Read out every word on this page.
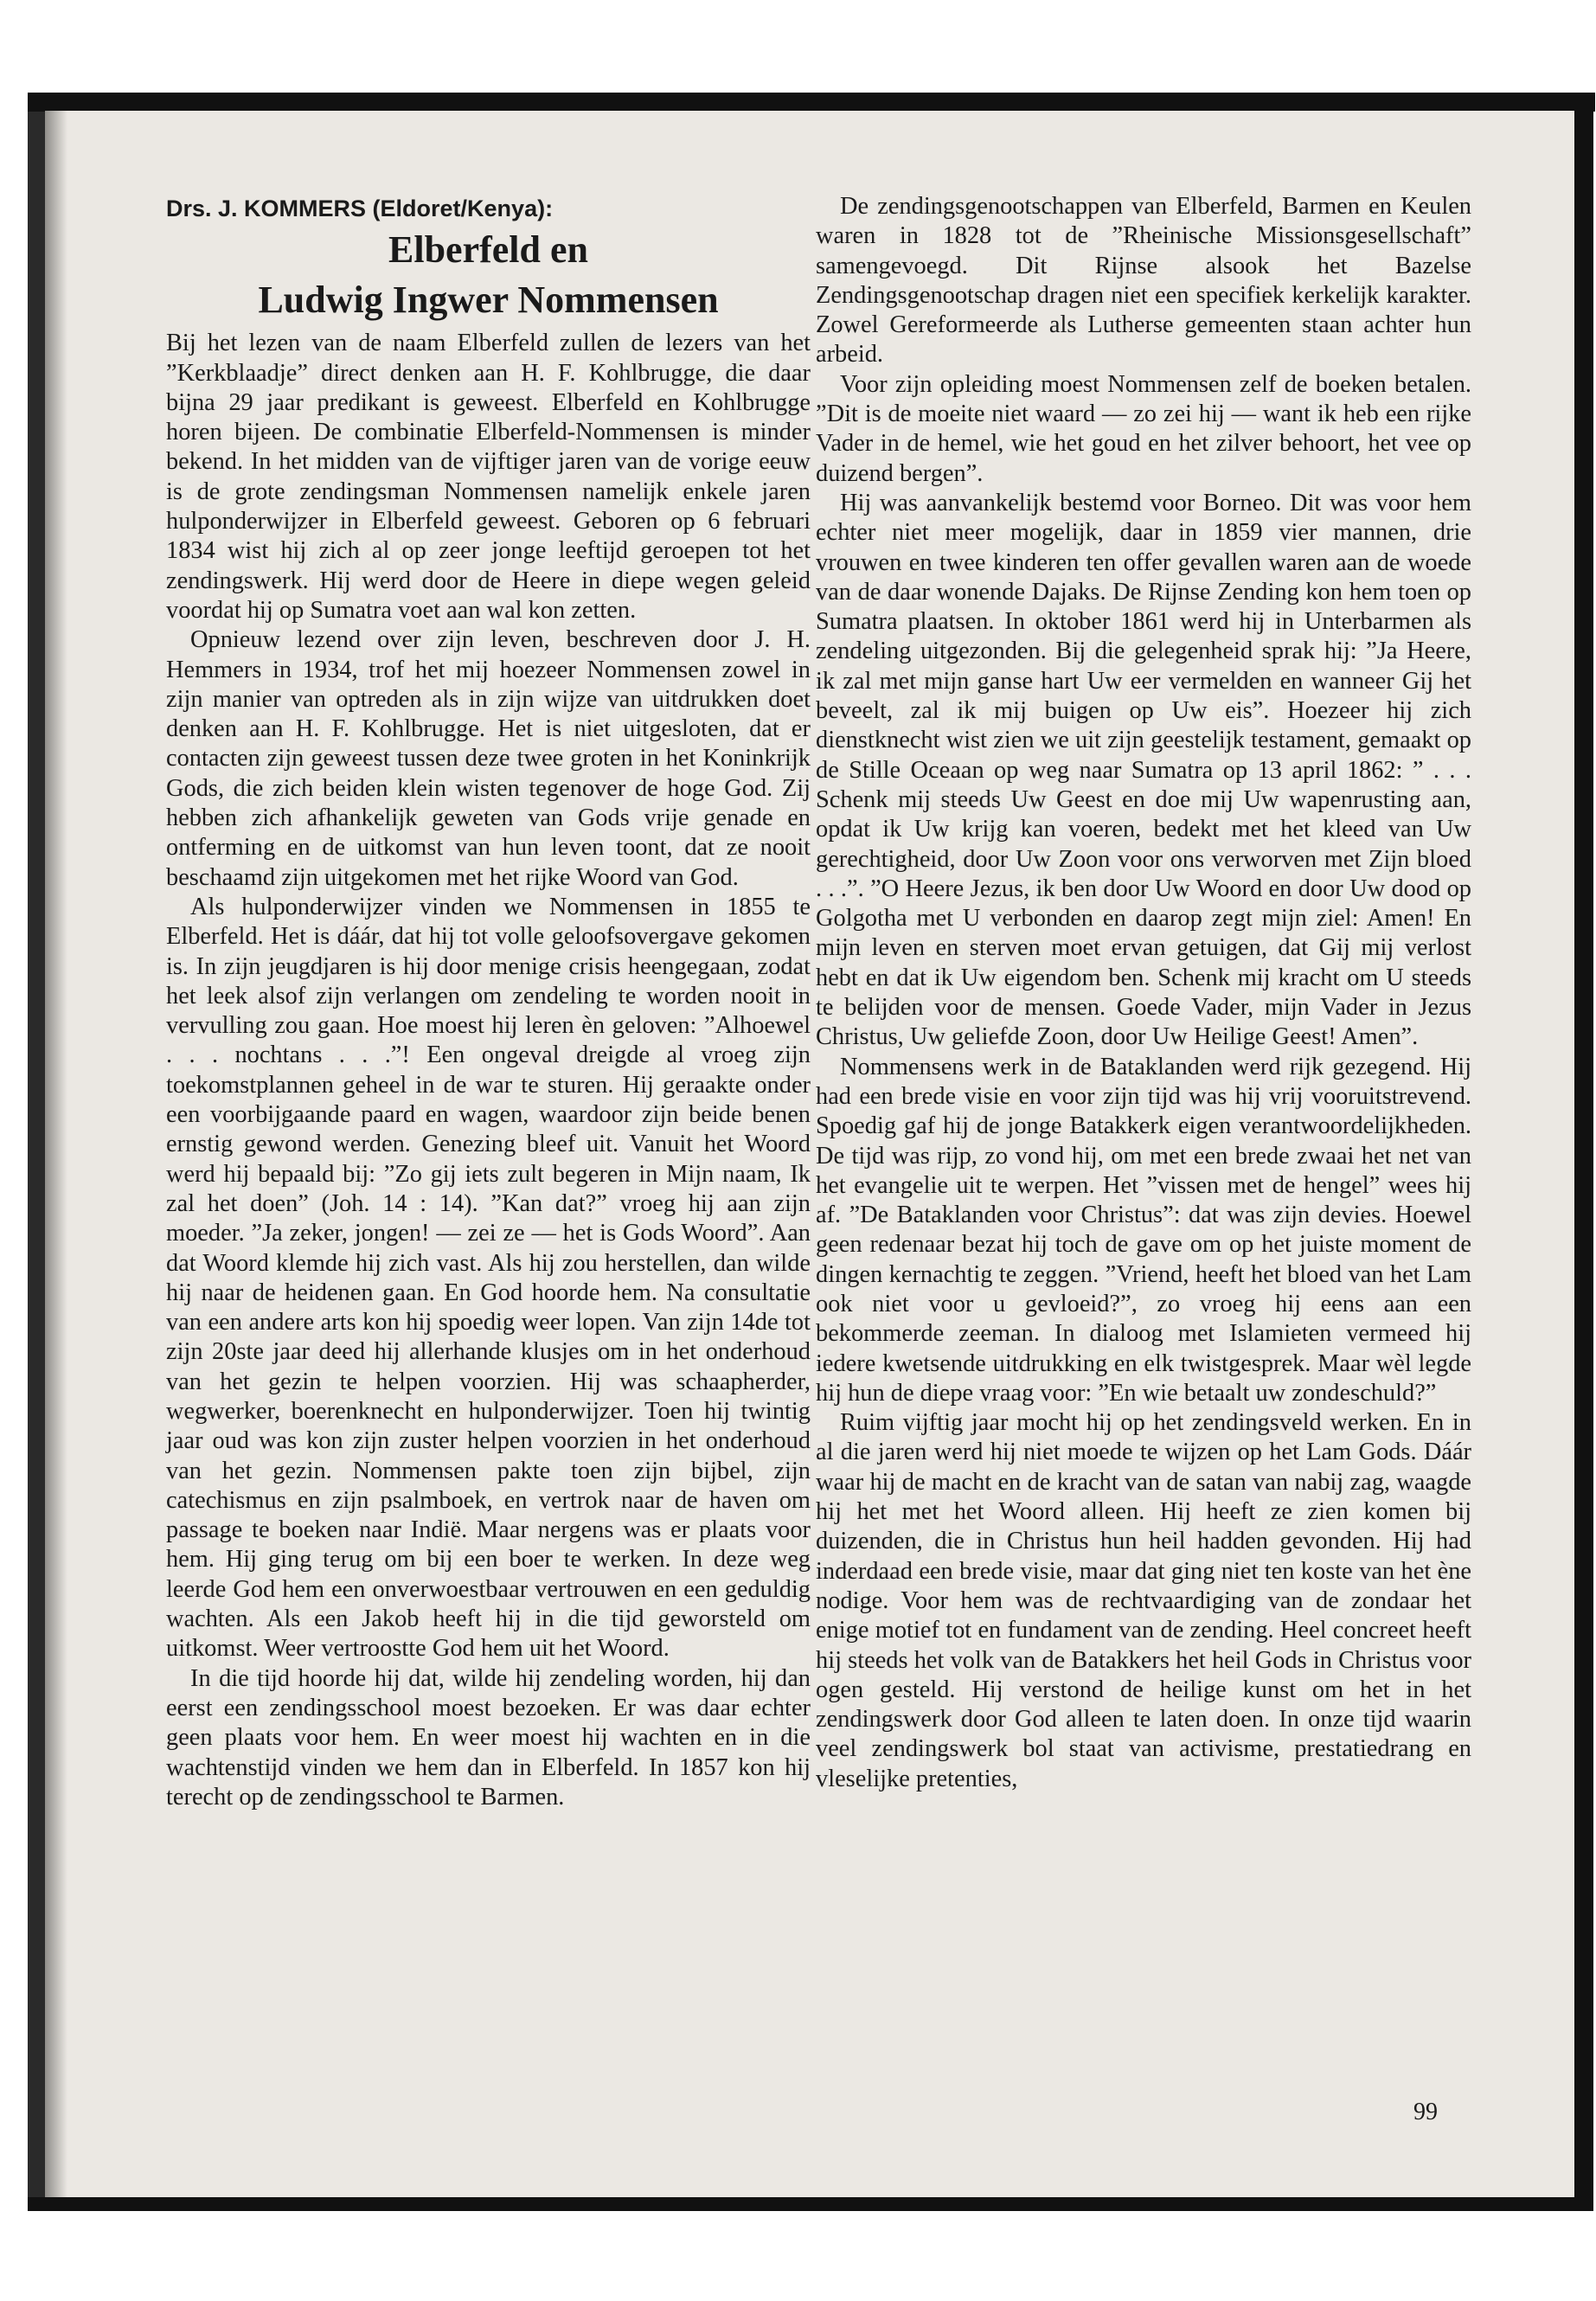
Drs. J. KOMMERS (Eldoret/Kenya):
Elberfeld en
Ludwig Ingwer Nommensen

Bij het lezen van de naam Elberfeld zullen de lezers van het ”Kerkblaadje” direct denken aan H. F. Kohlbrugge, die daar bijna 29 jaar predikant is geweest. Elberfeld en Kohlbrugge horen bijeen. De combinatie Elberfeld-Nommensen is minder bekend. In het midden van de vijftiger jaren van de vorige eeuw is de grote zendingsman Nommensen namelijk enkele jaren hulponderwijzer in Elberfeld geweest. Geboren op 6 februari 1834 wist hij zich al op zeer jonge leeftijd geroepen tot het zendingswerk. Hij werd door de Heere in diepe wegen geleid voordat hij op Sumatra voet aan wal kon zetten.

Opnieuw lezend over zijn leven, beschreven door J. H. Hemmers in 1934, trof het mij hoezeer Nommensen zowel in zijn manier van optreden als in zijn wijze van uitdrukken doet denken aan H. F. Kohlbrugge. Het is niet uitgesloten, dat er contacten zijn geweest tussen deze twee groten in het Koninkrijk Gods, die zich beiden klein wisten tegenover de hoge God. Zij hebben zich afhankelijk geweten van Gods vrije genade en ontferming en de uitkomst van hun leven toont, dat ze nooit beschaamd zijn uitgekomen met het rijke Woord van God.

Als hulponderwijzer vinden we Nommensen in 1855 te Elberfeld. Het is dáár, dat hij tot volle geloofsovergave gekomen is. In zijn jeugdjaren is hij door menige crisis heengegaan, zodat het leek alsof zijn verlangen om zendeling te worden nooit in vervulling zou gaan. Hoe moest hij leren èn geloven: ”Alhoewel . . . nochtans . . .”! Een ongeval dreigde al vroeg zijn toekomstplannen geheel in de war te sturen. Hij geraakte onder een voorbijgaande paard en wagen, waardoor zijn beide benen ernstig gewond werden. Genezing bleef uit. Vanuit het Woord werd hij bepaald bij: ”Zo gij iets zult begeren in Mijn naam, Ik zal het doen” (Joh. 14 : 14). ”Kan dat?” vroeg hij aan zijn moeder. ”Ja zeker, jongen! — zei ze — het is Gods Woord”. Aan dat Woord klemde hij zich vast. Als hij zou herstellen, dan wilde hij naar de heidenen gaan. En God hoorde hem. Na consultatie van een andere arts kon hij spoedig weer lopen. Van zijn 14de tot zijn 20ste jaar deed hij allerhande klusjes om in het onderhoud van het gezin te helpen voorzien. Hij was schaapherder, wegwerker, boerenknecht en hulponderwijzer. Toen hij twintig jaar oud was kon zijn zuster helpen voorzien in het onderhoud van het gezin. Nommensen pakte toen zijn bijbel, zijn catechismus en zijn psalmboek, en vertrok naar de haven om passage te boeken naar Indië. Maar nergens was er plaats voor hem. Hij ging terug om bij een boer te werken. In deze weg leerde God hem een onverwoestbaar vertrouwen en een geduldig wachten. Als een Jakob heeft hij in die tijd geworsteld om uitkomst. Weer vertroostte God hem uit het Woord.

In die tijd hoorde hij dat, wilde hij zendeling worden, hij dan eerst een zendingsschool moest bezoeken. Er was daar echter geen plaats voor hem. En weer moest hij wachten en in die wachtenstijd vinden we hem dan in Elberfeld. In 1857 kon hij terecht op de zendingsschool te Barmen.

De zendingsgenootschappen van Elberfeld, Barmen en Keulen waren in 1828 tot de ”Rheinische Missionsgesellschaft” samengevoegd. Dit Rijnse alsook het Bazelse Zendingsgenootschap dragen niet een specifiek kerkelijk karakter. Zowel Gereformeerde als Lutherse gemeenten staan achter hun arbeid.

Voor zijn opleiding moest Nommensen zelf de boeken betalen. ”Dit is de moeite niet waard — zo zei hij — want ik heb een rijke Vader in de hemel, wie het goud en het zilver behoort, het vee op duizend bergen”.

Hij was aanvankelijk bestemd voor Borneo. Dit was voor hem echter niet meer mogelijk, daar in 1859 vier mannen, drie vrouwen en twee kinderen ten offer gevallen waren aan de woede van de daar wonende Dajaks. De Rijnse Zending kon hem toen op Sumatra plaatsen. In oktober 1861 werd hij in Unterbarmen als zendeling uitgezonden. Bij die gelegenheid sprak hij: ”Ja Heere, ik zal met mijn ganse hart Uw eer vermelden en wanneer Gij het beveelt, zal ik mij buigen op Uw eis”. Hoezeer hij zich dienstknecht wist zien we uit zijn geestelijk testament, gemaakt op de Stille Oceaan op weg naar Sumatra op 13 april 1862: ” . . . Schenk mij steeds Uw Geest en doe mij Uw wapenrusting aan, opdat ik Uw krijg kan voeren, bedekt met het kleed van Uw gerechtigheid, door Uw Zoon voor ons verworven met Zijn bloed . . .”. ”O Heere Jezus, ik ben door Uw Woord en door Uw dood op Golgotha met U verbonden en daarop zegt mijn ziel: Amen! En mijn leven en sterven moet ervan getuigen, dat Gij mij verlost hebt en dat ik Uw eigendom ben. Schenk mij kracht om U steeds te belijden voor de mensen. Goede Vader, mijn Vader in Jezus Christus, Uw geliefde Zoon, door Uw Heilige Geest! Amen”.

Nommensens werk in de Bataklanden werd rijk gezegend. Hij had een brede visie en voor zijn tijd was hij vrij vooruitstrevend. Spoedig gaf hij de jonge Batakkerk eigen verantwoordelijkheden. De tijd was rijp, zo vond hij, om met een brede zwaai het net van het evangelie uit te werpen. Het ”vissen met de hengel” wees hij af. ”De Bataklanden voor Christus”: dat was zijn devies. Hoewel geen redenaar bezat hij toch de gave om op het juiste moment de dingen kernachtig te zeggen. ”Vriend, heeft het bloed van het Lam ook niet voor u gevloeid?”, zo vroeg hij eens aan een bekommerde zeeman. In dialoog met Islamieten vermeed hij iedere kwetsende uitdrukking en elk twistgesprek. Maar wèl legde hij hun de diepe vraag voor: ”En wie betaalt uw zondeschuld?”

Ruim vijftig jaar mocht hij op het zendingsveld werken. En in al die jaren werd hij niet moede te wijzen op het Lam Gods. Dáár waar hij de macht en de kracht van de satan van nabij zag, waagde hij het met het Woord alleen. Hij heeft ze zien komen bij duizenden, die in Christus hun heil hadden gevonden. Hij had inderdaad een brede visie, maar dat ging niet ten koste van het ène nodige. Voor hem was de rechtvaardiging van de zondaar het enige motief tot en fundament van de zending. Heel concreet heeft hij steeds het volk van de Batakkers het heil Gods in Christus voor ogen gesteld. Hij verstond de heilige kunst om het in het zendingswerk door God alleen te laten doen. In onze tijd waarin veel zendingswerk bol staat van activisme, prestatiedrang en vleselijke pretenties,

99
